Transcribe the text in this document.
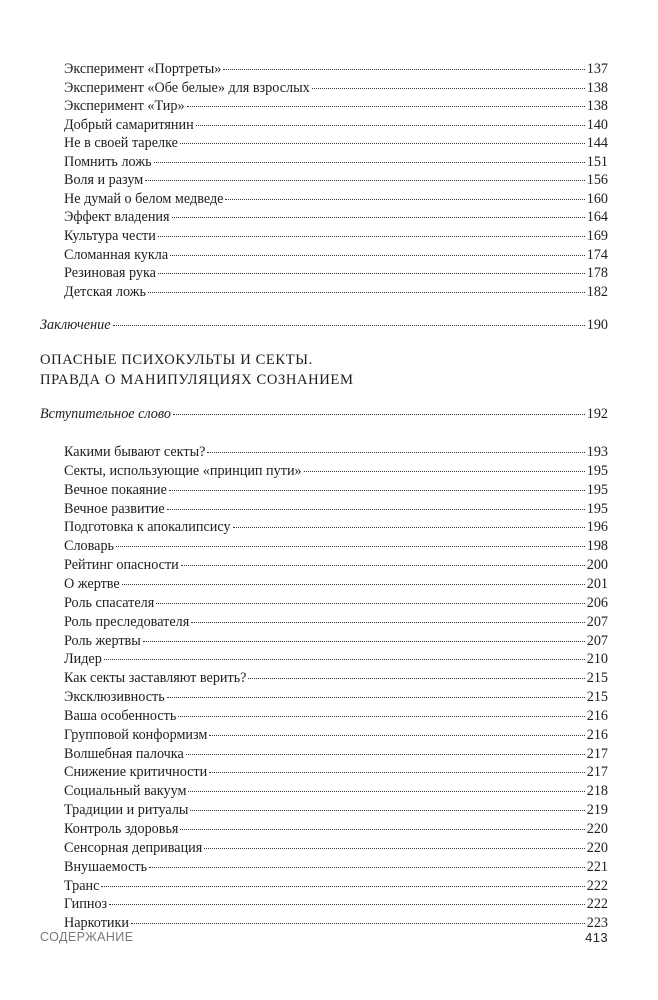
Эксперимент «Портреты»	137
Эксперимент «Обе белые» для взрослых	138
Эксперимент «Тир»	138
Добрый самаритянин	140
Не в своей тарелке	144
Помнить ложь	151
Воля и разум	156
Не думай о белом медведе	160
Эффект владения	164
Культура чести	169
Сломанная кукла	174
Резиновая рука	178
Детская ложь	182
Заключение	190
ОПАСНЫЕ ПСИХОКУЛЬТЫ И СЕКТЫ.
ПРАВДА О МАНИПУЛЯЦИЯХ СОЗНАНИЕМ
Вступительное слово	192
Какими бывают секты?	193
Секты, использующие «принцип пути»	195
Вечное покаяние	195
Вечное развитие	195
Подготовка к апокалипсису	196
Словарь	198
Рейтинг опасности	200
О жертве	201
Роль спасателя	206
Роль преследователя	207
Роль жертвы	207
Лидер	210
Как секты заставляют верить?	215
Эксклюзивность	215
Ваша особенность	216
Групповой конформизм	216
Волшебная палочка	217
Снижение критичности	217
Социальный вакуум	218
Традиции и ритуалы	219
Контроль здоровья	220
Сенсорная депривация	220
Внушаемость	221
Транс	222
Гипноз	222
Наркотики	223
СОДЕРЖАНИЕ	413
